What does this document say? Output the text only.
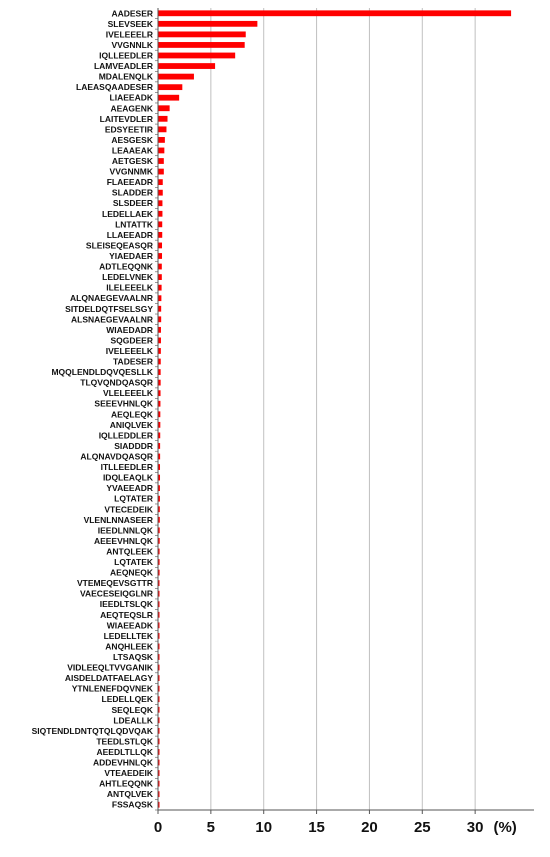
AADESER
SLEVSEEK
IVELEEELR
VVGNNLK
IQLLEEDLER
LAMVEADLER
MDALENQLK
LAEASQAADESER
LIAEEADK
AEAGENK
LAITEVDLER
EDSYEETIR
AESGESK
LEAAEAK
AETGESK
VVGNNMK
FLAEEADR
SLADDER
SLSDEER
LEDELLAEK
LNTATTK
LLAEEADR
SLEISEQEASQR
YIAEDAER
ADTLEQQNK
LEDELVNEK
ILELEEELK
ALQNAEGEVAALNR
SITDELDQTFSELSGY
ALSNAEGEVAALNR
WIAEDADR
SQGDEER
IVELEEELK
TADESER
MQQLENDLDQVQESLLK
TLQVQNDQASQR
VLELEEELK
SEEEVHNLQK
AEQLEQK
ANIQLVEK
IQLLEDDLER
SIADDDR
ALQNAVDQASQR
ITLLEEDLER
IDQLEAQLK
YVAEEADR
LQTATER
VTECEDEIK
VLENLNNASEER
IEEDLNNLQK
AEEEVHNLQK
ANTQLEEK
LQTATEK
AEQNEQK
VTEMEQEVSGTTR
VAECESEIQGLNR
IEEDLTSLQK
AEQTEQSLR
WIAEEADK
LEDELLTEK
ANQHLEEK
LTSAQSK
VIDLEEQLTVVGANIK
AISDELDATFAELAGY
YTNLENEFDQVNEK
LEDELLQEK
SEQLEQK
LDEALLK
SIQTENDLDNTQTQLQDVQAK
TEEDLSTLQK
AEEDLTLLQK
ADDEVHNLQK
VTEAEDEIK
AHTLEQQNK
ANTQLVEK
FSSAQSK
0	5	10 15 20 25 30 (%)
